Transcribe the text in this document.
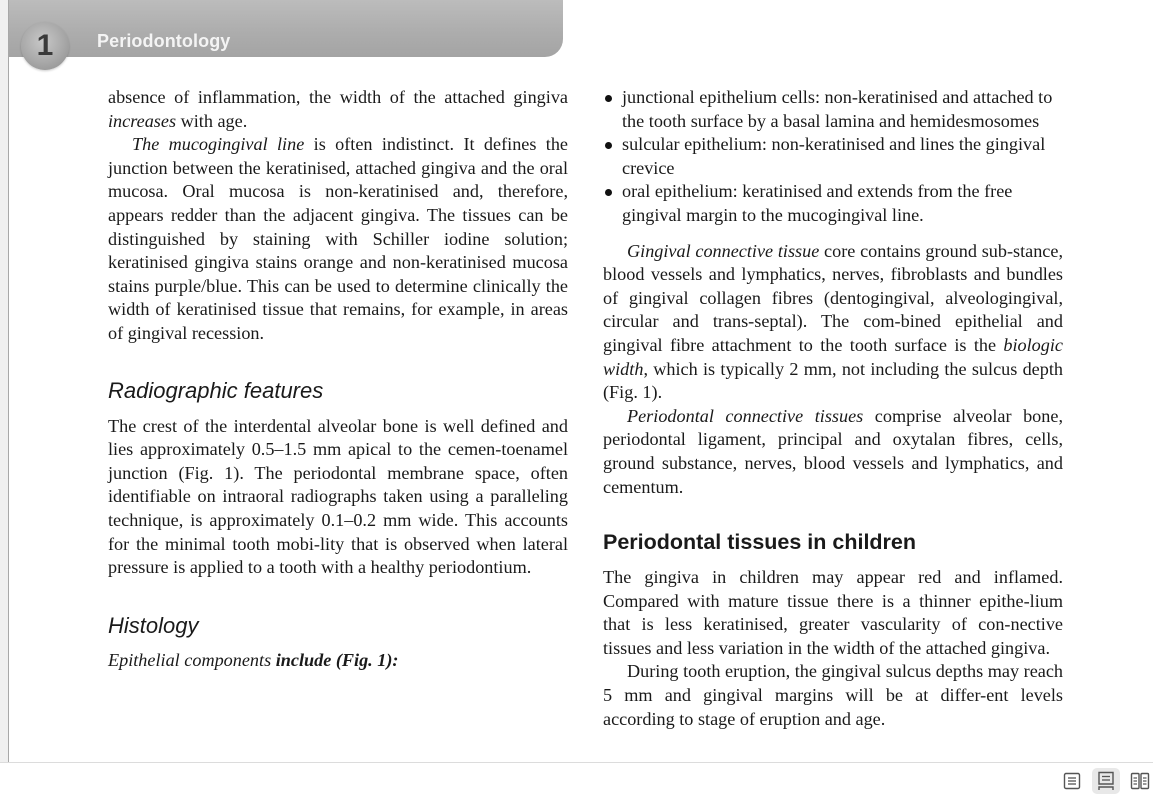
Periodontology
1

absence of inflammation, the width of the attached gingiva increases with age.

The mucogingival line is often indistinct. It defines the junction between the keratinised, attached gingiva and the oral mucosa. Oral mucosa is non-keratinised and, therefore, appears redder than the adjacent gingiva. The tissues can be distinguished by staining with Schiller iodine solution; keratinised gingiva stains orange and non-keratinised mucosa stains purple/blue. This can be used to determine clinically the width of keratinised tissue that remains, for example, in areas of gingival recession.

Radiographic features

The crest of the interdental alveolar bone is well defined and lies approximately 0.5–1.5 mm apical to the cemen-toenamel junction (Fig. 1). The periodontal membrane space, often identifiable on intraoral radiographs taken using a paralleling technique, is approximately 0.1–0.2 mm wide. This accounts for the minimal tooth mobi-lity that is observed when lateral pressure is applied to a tooth with a healthy periodontium.

Histology

Epithelial components include (Fig. 1):

junctional epithelium cells: non-keratinised and attached to the tooth surface by a basal lamina and hemidesmosomes
sulcular epithelium: non-keratinised and lines the gingival crevice
oral epithelium: keratinised and extends from the free gingival margin to the mucogingival line.

Gingival connective tissue core contains ground sub-stance, blood vessels and lymphatics, nerves, fibroblasts and bundles of gingival collagen fibres (dentogingival, alveologingival, circular and trans-septal). The com-bined epithelial and gingival fibre attachment to the tooth surface is the biologic width, which is typically 2 mm, not including the sulcus depth (Fig. 1).

Periodontal connective tissues comprise alveolar bone, periodontal ligament, principal and oxytalan fibres, cells, ground substance, nerves, blood vessels and lymphatics, and cementum.

Periodontal tissues in children

The gingiva in children may appear red and inflamed. Compared with mature tissue there is a thinner epithe-lium that is less keratinised, greater vascularity of con-nective tissues and less variation in the width of the attached gingiva.

During tooth eruption, the gingival sulcus depths may reach 5 mm and gingival margins will be at differ-ent levels according to stage of eruption and age.
